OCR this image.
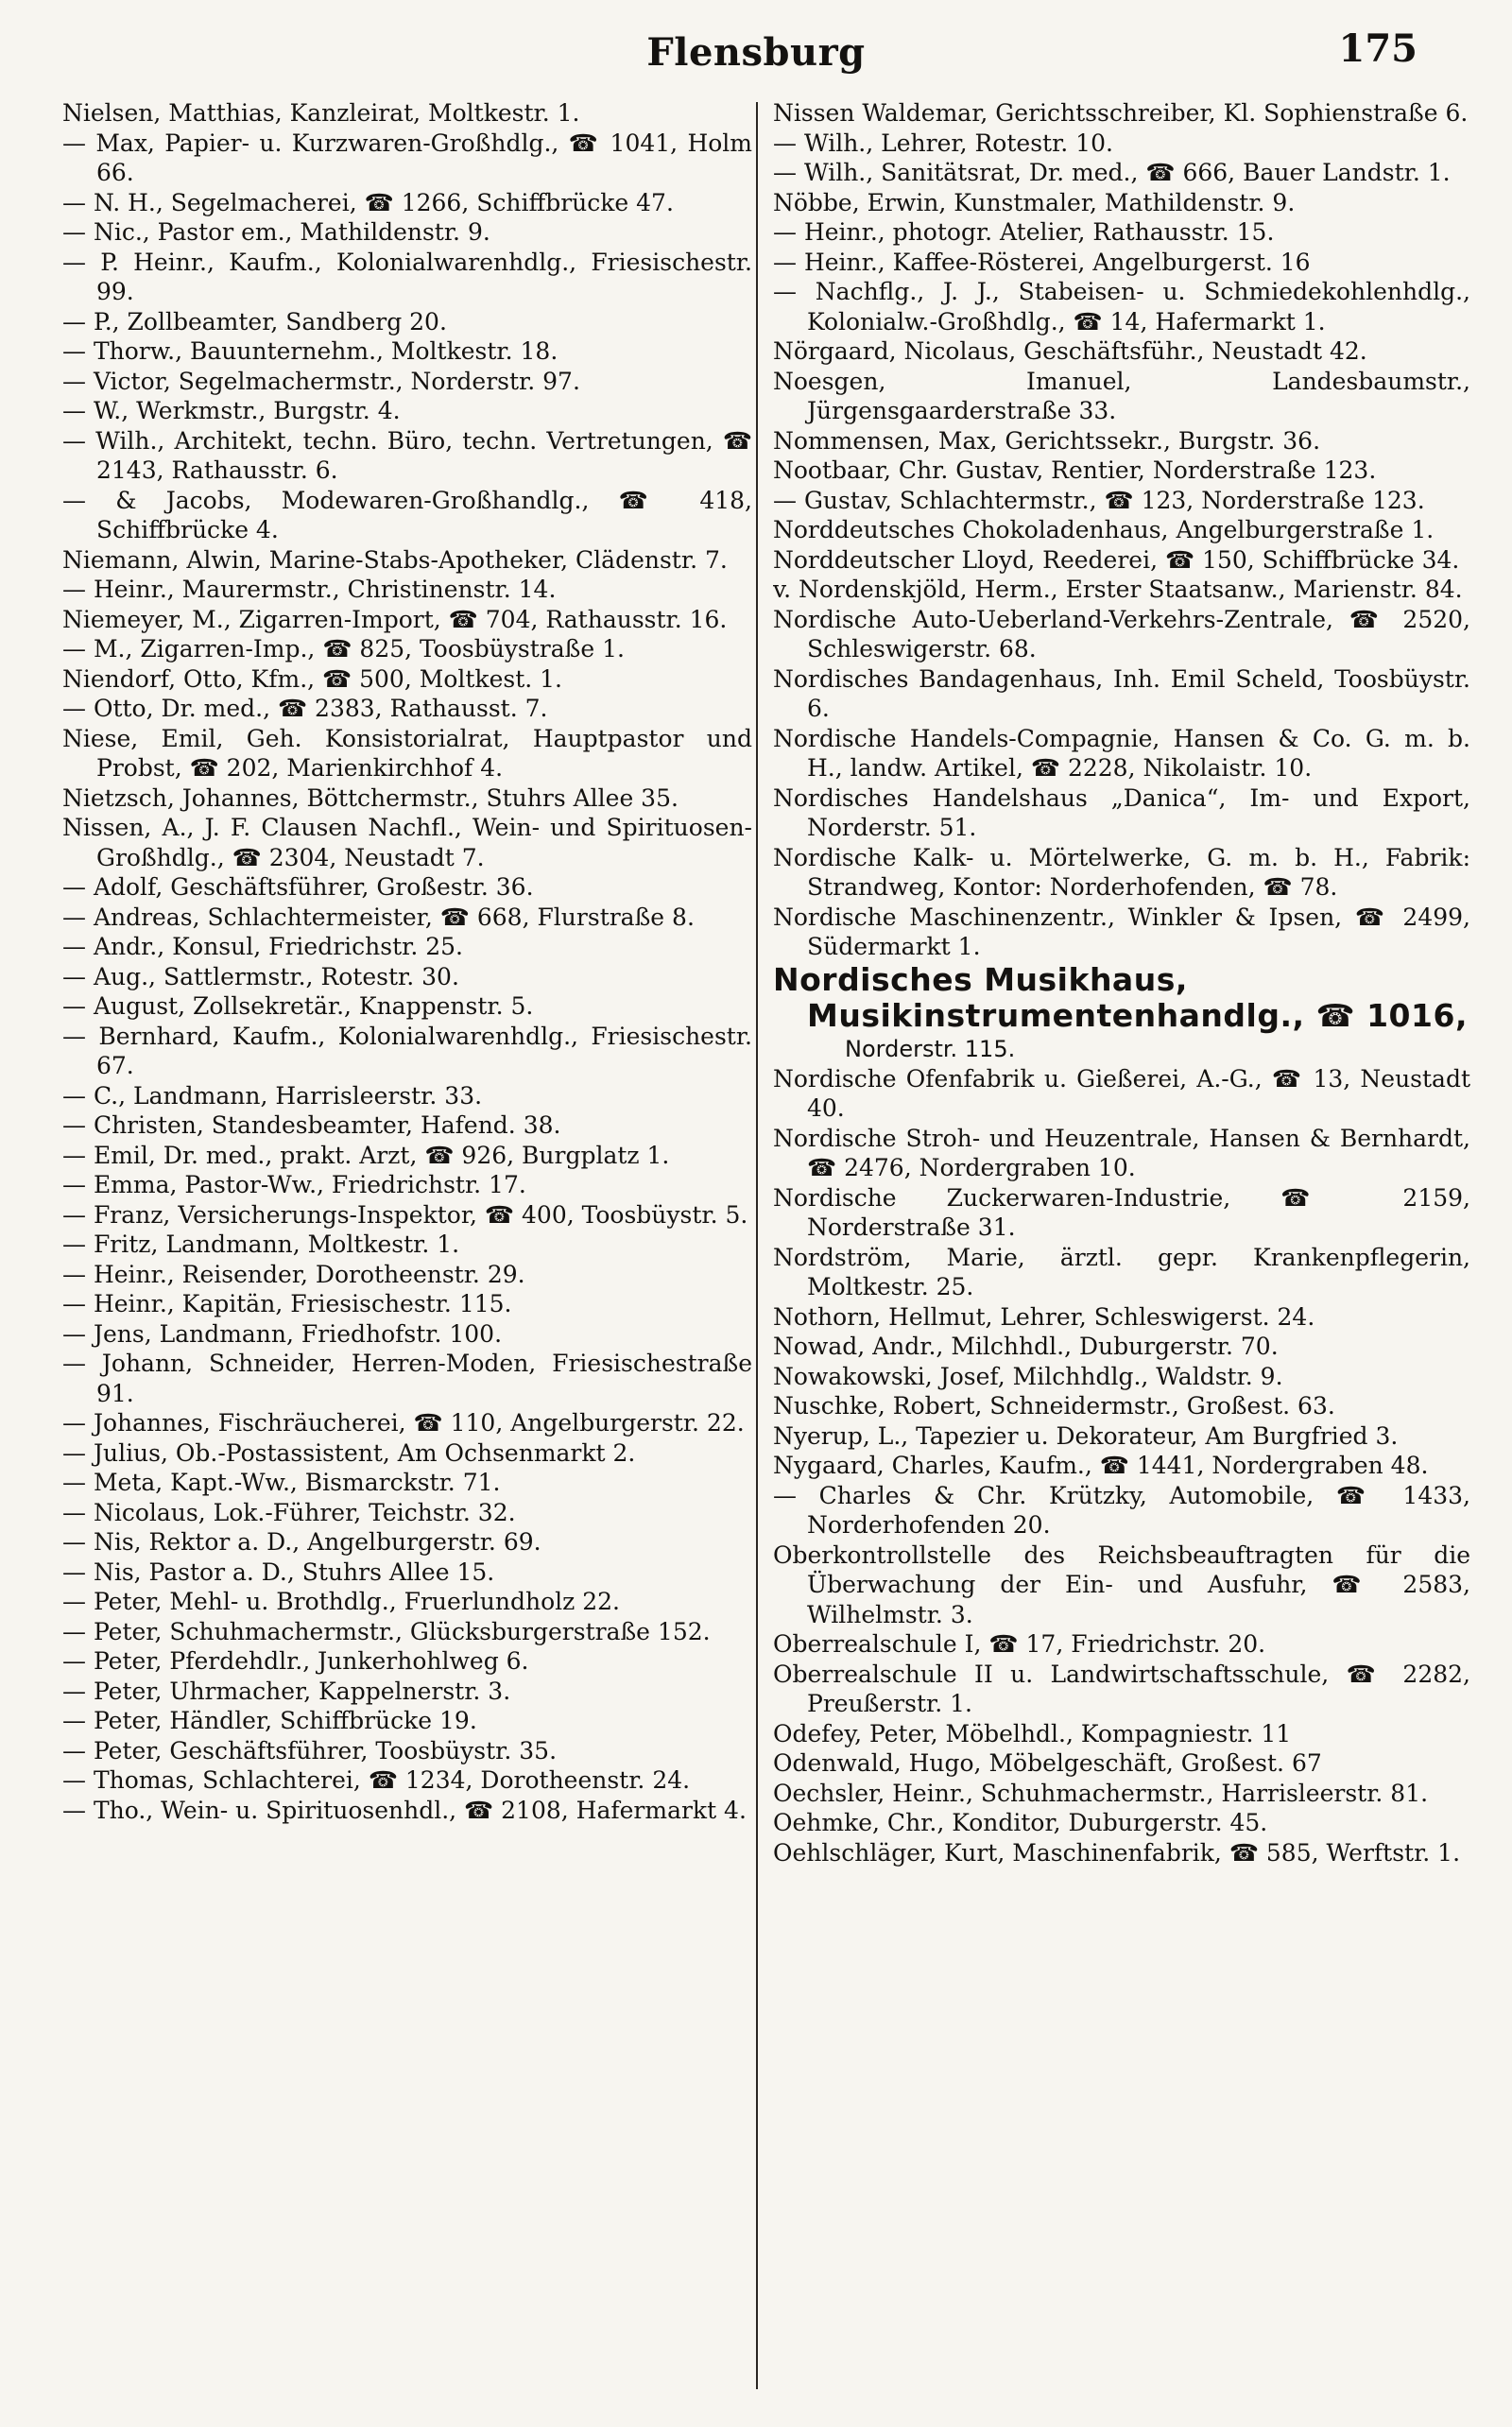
Flensburg	175

Nielsen, Matthias, Kanzleirat, Moltkestr. 1.

— Max, Papier- u. Kurzwaren-Großhdlg., ☎ 1041, Holm 66.

— N. H., Segelmacherei, ☎ 1266, Schiffbrücke 47.

— Nic., Pastor em., Mathildenstr. 9.

— P. Heinr., Kaufm., Kolonialwarenhdlg., Friesischestr. 99.

— P., Zollbeamter, Sandberg 20.

— Thorw., Bauunternehm., Moltkestr. 18.

— Victor, Segelmachermstr., Norderstr. 97.

— W., Werkmstr., Burgstr. 4.

— Wilh., Architekt, techn. Büro, techn. Vertretungen, ☎ 2143, Rathausstr. 6.

— & Jacobs, Modewaren-Großhandlg., ☎ 418, Schiffbrücke 4.

Niemann, Alwin, Marine-Stabs-Apotheker, Clädenstr. 7.

— Heinr., Maurermstr., Christinenstr. 14.

Niemeyer, M., Zigarren-Import, ☎ 704, Rathausstr. 16.

— M., Zigarren-Imp., ☎ 825, Toosbüystraße 1.

Niendorf, Otto, Kfm., ☎ 500, Moltkest. 1.

— Otto, Dr. med., ☎ 2383, Rathausst. 7.

Niese, Emil, Geh. Konsistorialrat, Hauptpastor und Probst, ☎ 202, Marienkirchhof 4.

Nietzsch, Johannes, Böttchermstr., Stuhrs Allee 35.

Nissen, A., J. F. Clausen Nachfl., Wein- und Spirituosen-Großhdlg., ☎ 2304, Neustadt 7.

— Adolf, Geschäftsführer, Großestr. 36.

— Andreas, Schlachtermeister, ☎ 668, Flurstraße 8.

— Andr., Konsul, Friedrichstr. 25.

— Aug., Sattlermstr., Rotestr. 30.

— August, Zollsekretär., Knappenstr. 5.

— Bernhard, Kaufm., Kolonialwarenhdlg., Friesischestr. 67.

— C., Landmann, Harrisleerstr. 33.

— Christen, Standesbeamter, Hafend. 38.

— Emil, Dr. med., prakt. Arzt, ☎ 926, Burgplatz 1.

— Emma, Pastor-Ww., Friedrichstr. 17.

— Franz, Versicherungs-Inspektor, ☎ 400, Toosbüystr. 5.

— Fritz, Landmann, Moltkestr. 1.

— Heinr., Reisender, Dorotheenstr. 29.

— Heinr., Kapitän, Friesischestr. 115.

— Jens, Landmann, Friedhofstr. 100.

— Johann, Schneider, Herren-Moden, Friesischestraße 91.

— Johannes, Fischräucherei, ☎ 110, Angelburgerstr. 22.

— Julius, Ob.-Postassistent, Am Ochsenmarkt 2.

— Meta, Kapt.-Ww., Bismarckstr. 71.

— Nicolaus, Lok.-Führer, Teichstr. 32.

— Nis, Rektor a. D., Angelburgerstr. 69.

— Nis, Pastor a. D., Stuhrs Allee 15.

— Peter, Mehl- u. Brothdlg., Fruerlundholz 22.

— Peter, Schuhmachermstr., Glücksburgerstraße 152.

— Peter, Pferdehdlr., Junkerhohlweg 6.

— Peter, Uhrmacher, Kappelnerstr. 3.

— Peter, Händler, Schiffbrücke 19.

— Peter, Geschäftsführer, Toosbüystr. 35.

— Thomas, Schlachterei, ☎ 1234, Dorotheenstr. 24.

— Tho., Wein- u. Spirituosenhdl., ☎ 2108, Hafermarkt 4.

Nissen Waldemar, Gerichtsschreiber, Kl. Sophienstraße 6.

— Wilh., Lehrer, Rotestr. 10.

— Wilh., Sanitätsrat, Dr. med., ☎ 666, Bauer Landstr. 1.

Nöbbe, Erwin, Kunstmaler, Mathildenstr. 9.

— Heinr., photogr. Atelier, Rathausstr. 15.

— Heinr., Kaffee-Rösterei, Angelburgerst. 16

— Nachflg., J. J., Stabeisen- u. Schmiedekohlenhdlg., Kolonialw.-Großhdlg., ☎ 14, Hafermarkt 1.

Nörgaard, Nicolaus, Geschäftsführ., Neustadt 42.

Noesgen, Imanuel, Landesbaumstr., Jürgensgaarderstraße 33.

Nommensen, Max, Gerichtssekr., Burgstr. 36.

Nootbaar, Chr. Gustav, Rentier, Norderstraße 123.

— Gustav, Schlachtermstr., ☎ 123, Norderstraße 123.

Norddeutsches Chokoladenhaus, Angelburgerstraße 1.

Norddeutscher Lloyd, Reederei, ☎ 150, Schiffbrücke 34.

v. Nordenskjöld, Herm., Erster Staatsanw., Marienstr. 84.

Nordische Auto-Ueberland-Verkehrs-Zentrale, ☎ 2520, Schleswigerstr. 68.

Nordisches Bandagenhaus, Inh. Emil Scheld, Toosbüystr. 6.

Nordische Handels-Compagnie, Hansen & Co. G. m. b. H., landw. Artikel, ☎ 2228, Nikolaistr. 10.

Nordisches Handelshaus „Danica“, Im- und Export, Norderstr. 51.

Nordische Kalk- u. Mörtelwerke, G. m. b. H., Fabrik: Strandweg, Kontor: Norderhofenden, ☎ 78.

Nordische Maschinenzentr., Winkler & Ipsen, ☎ 2499, Südermarkt 1.

Nordisches Musikhaus, Musikinstrumentenhandlg., ☎ 1016,

Norderstr. 115.

Nordische Ofenfabrik u. Gießerei, A.-G., ☎ 13, Neustadt 40.

Nordische Stroh- und Heuzentrale, Hansen & Bernhardt, ☎ 2476, Nordergraben 10.

Nordische Zuckerwaren-Industrie, ☎ 2159, Norderstraße 31.

Nordström, Marie, ärztl. gepr. Krankenpflegerin, Moltkestr. 25.

Nothorn, Hellmut, Lehrer, Schleswigerst. 24.

Nowad, Andr., Milchhdl., Duburgerstr. 70.

Nowakowski, Josef, Milchhdlg., Waldstr. 9.

Nuschke, Robert, Schneidermstr., Großest. 63.

Nyerup, L., Tapezier u. Dekorateur, Am Burgfried 3.

Nygaard, Charles, Kaufm., ☎ 1441, Nordergraben 48.

— Charles & Chr. Krützky, Automobile, ☎ 1433, Norderhofenden 20.

Oberkontrollstelle des Reichsbeauftragten für die Überwachung der Ein- und Ausfuhr, ☎ 2583, Wilhelmstr. 3.

Oberrealschule I, ☎ 17, Friedrichstr. 20.

Oberrealschule II u. Landwirtschaftsschule, ☎ 2282, Preußerstr. 1.

Odefey, Peter, Möbelhdl., Kompagniestr. 11

Odenwald, Hugo, Möbelgeschäft, Großest. 67

Oechsler, Heinr., Schuhmachermstr., Harrisleerstr. 81.

Oehmke, Chr., Konditor, Duburgerstr. 45.

Oehlschläger, Kurt, Maschinenfabrik, ☎ 585, Werftstr. 1.
